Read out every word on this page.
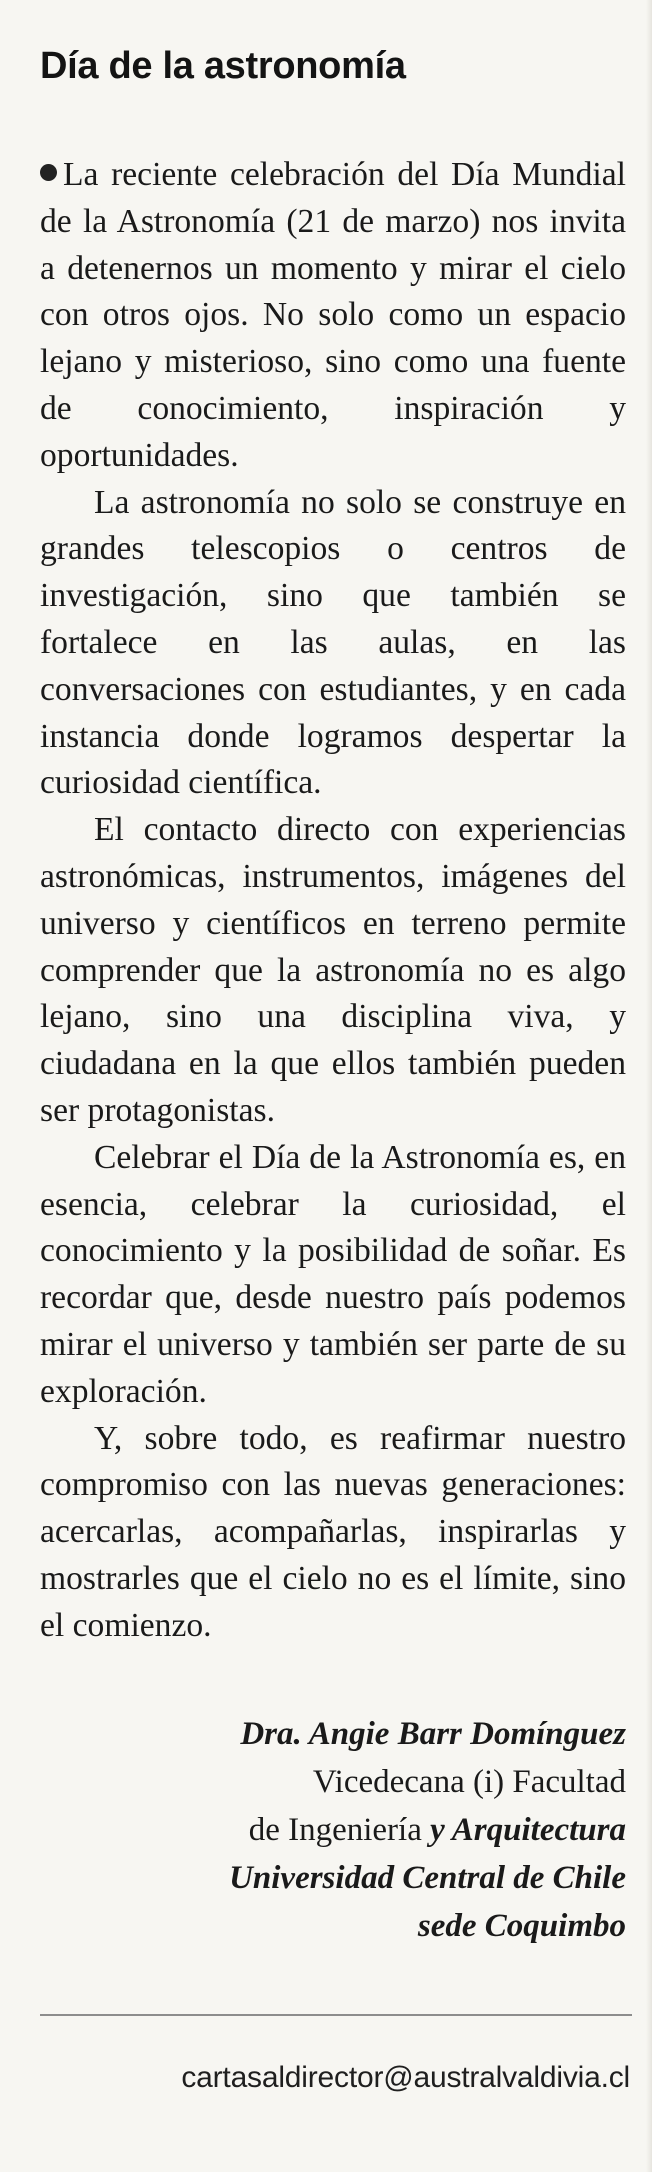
Día de la astronomía

La reciente celebración del Día Mundial de la Astronomía (21 de marzo) nos invita a detenernos un momento y mirar el cielo con otros ojos. No solo como un espacio lejano y misterioso, sino como una fuente de conocimiento, inspiración y oportunidades.

La astronomía no solo se construye en grandes telescopios o centros de investigación, sino que también se fortalece en las aulas, en las conversaciones con estudiantes, y en cada instancia donde logramos despertar la curiosidad científica.

El contacto directo con experiencias astronómicas, instrumentos, imágenes del universo y científicos en terreno permite comprender que la astronomía no es algo lejano, sino una disciplina viva, y ciudadana en la que ellos también pueden ser protagonistas.

Celebrar el Día de la Astronomía es, en esencia, celebrar la curiosidad, el conocimiento y la posibilidad de soñar. Es recordar que, desde nuestro país podemos mirar el universo y también ser parte de su exploración.

Y, sobre todo, es reafirmar nuestro compromiso con las nuevas generaciones: acercarlas, acompañarlas, inspirarlas y mostrarles que el cielo no es el límite, sino el comienzo.

Dra. Angie Barr Domínguez
Vicedecana (i) Facultad
de Ingeniería y Arquitectura
Universidad Central de Chile
sede Coquimbo
cartasaldirector@australvaldivia.cl
